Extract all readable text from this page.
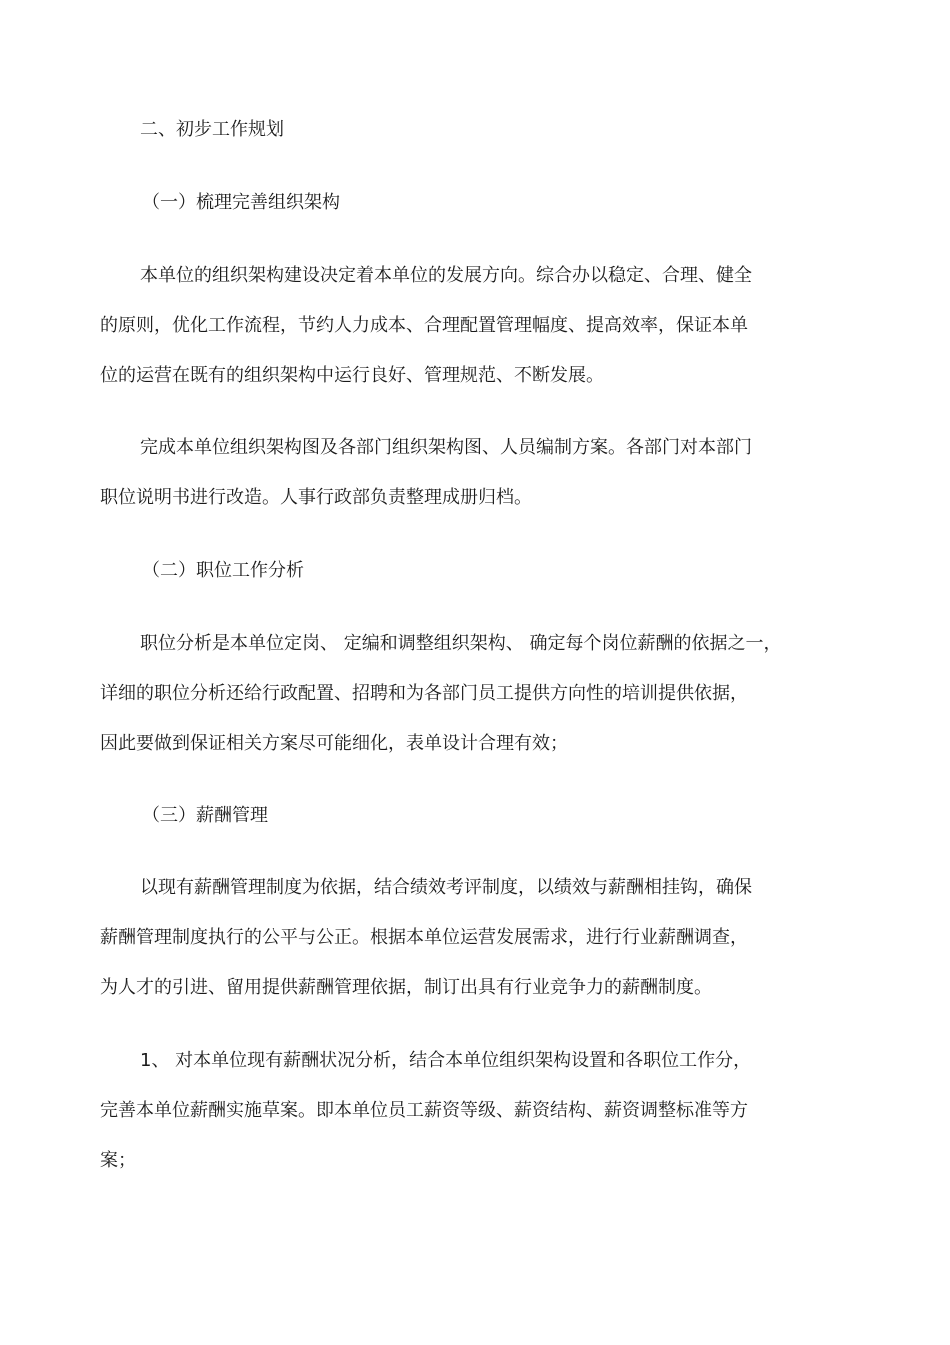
二、初步工作规划
（一）梳理完善组织架构
本单位的组织架构建设决定着本单位的发展方向。综合办以稳定、合理、健全
的原则，优化工作流程，节约人力成本、合理配置管理幅度、提高效率，保证本单
位的运营在既有的组织架构中运行良好、管理规范、不断发展。
完成本单位组织架构图及各部门组织架构图、人员编制方案。各部门对本部门
职位说明书进行改造。人事行政部负责整理成册归档。
（二）职位工作分析
职位分析是本单位定岗、 定编和调整组织架构、 确定每个岗位薪酬的依据之一，
详细的职位分析还给行政配置、招聘和为各部门员工提供方向性的培训提供依据，
因此要做到保证相关方案尽可能细化，表单设计合理有效；
（三）薪酬管理
以现有薪酬管理制度为依据，结合绩效考评制度，以绩效与薪酬相挂钩，确保
薪酬管理制度执行的公平与公正。根据本单位运营发展需求，进行行业薪酬调查，
为人才的引进、留用提供薪酬管理依据，制订出具有行业竞争力的薪酬制度。
1、 对本单位现有薪酬状况分析，结合本单位组织架构设置和各职位工作分，
完善本单位薪酬实施草案。即本单位员工薪资等级、薪资结构、薪资调整标准等方
案；
